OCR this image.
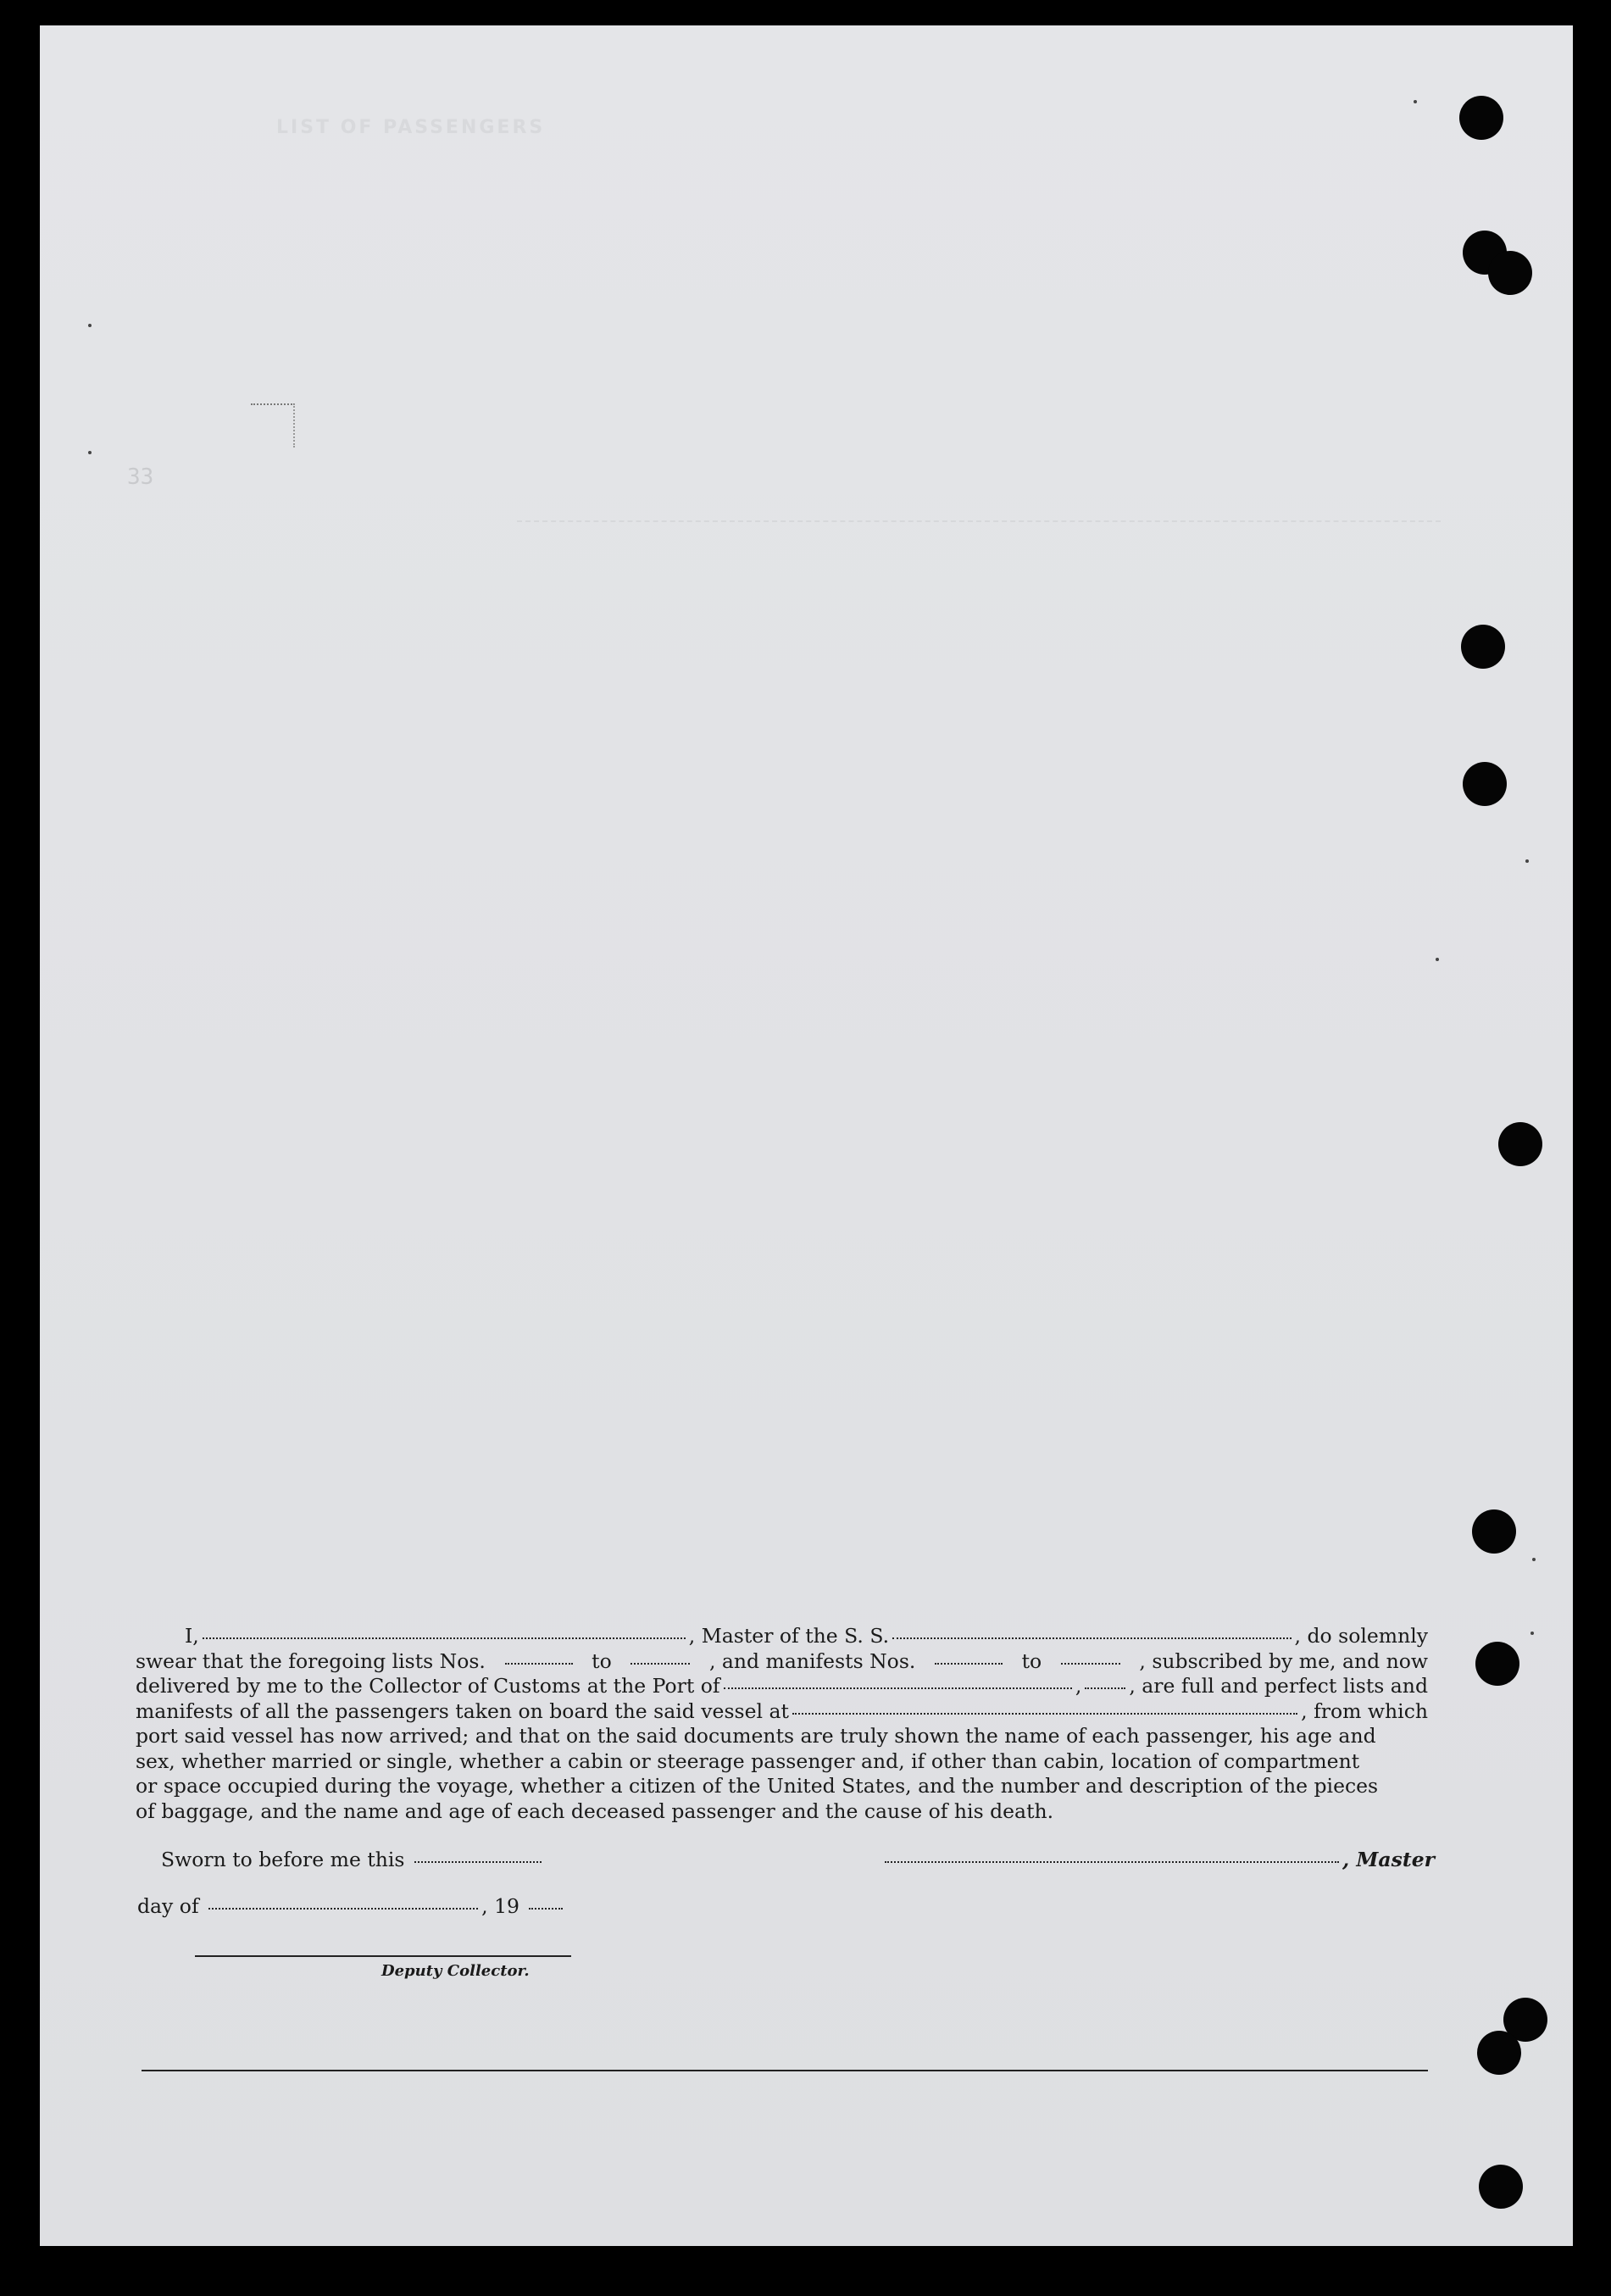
LIST OF PASSENGERS
33
I,	, Master of the S. S.	, do solemnly
swear that the foregoing lists Nos.	to	, and manifests Nos.	to	, subscribed by me, and now
delivered by me to the Collector of Customs at the Port of	, , are full and perfect lists and
manifests of all the passengers taken on board the said vessel at	, from which
port said vessel has now arrived; and that on the said documents are truly shown the name of each passenger, his age and
sex, whether married or single, whether a cabin or steerage passenger and, if other than cabin, location of compartment
or space occupied during the voyage, whether a citizen of the United States, and the number and description of the pieces
of baggage, and the name and age of each deceased passenger and the cause of his death.
Sworn to before me this	, Master
day of	, 19
Deputy Collector.
